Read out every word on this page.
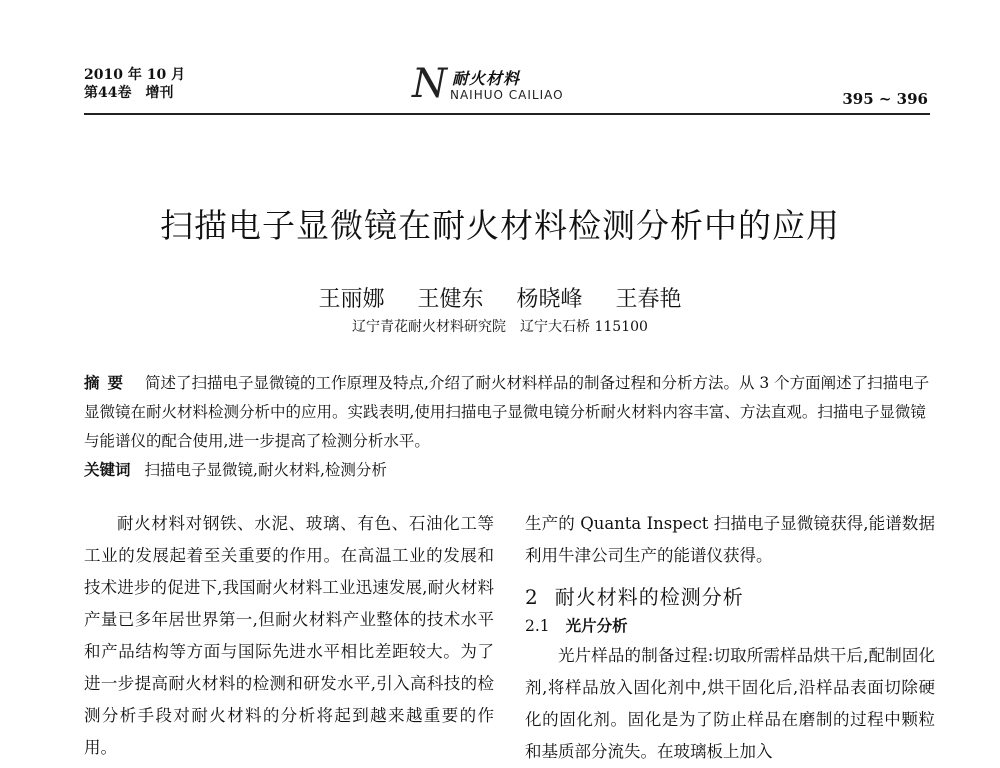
2010 年 10 月
第44卷　增刊	N 耐火材料
NAIHUO CAILIAO	395 ~ 396
扫描电子显微镜在耐火材料检测分析中的应用
王丽娜 王健东 杨晓峰 王春艳
辽宁青花耐火材料研究院　辽宁大石桥 115100
摘要 简述了扫描电子显微镜的工作原理及特点,介绍了耐火材料样品的制备过程和分析方法。从 3 个方面阐述了扫描电子显微镜在耐火材料检测分析中的应用。实践表明,使用扫描电子显微电镜分析耐火材料内容丰富、方法直观。扫描电子显微镜与能谱仪的配合使用,进一步提高了检测分析水平。
关键词 扫描电子显微镜,耐火材料,检测分析

耐火材料对钢铁、水泥、玻璃、有色、石油化工等工业的发展起着至关重要的作用。在高温工业的发展和技术进步的促进下,我国耐火材料工业迅速发展,耐火材料产量已多年居世界第一,但耐火材料产业整体的技术水平和产品结构等方面与国际先进水平相比差距较大。为了进一步提高耐火材料的检测和研发水平,引入高科技的检测分析手段对耐火材料的分析将起到越来越重要的作用。

生产的 Quanta Inspect 扫描电子显微镜获得,能谱数据利用牛津公司生产的能谱仪获得。

2 耐火材料的检测分析
2.1 光片分析

光片样品的制备过程:切取所需样品烘干后,配制固化剂,将样品放入固化剂中,烘干固化后,沿样品表面切除硬化的固化剂。固化是为了防止样品在磨制的过程中颗粒和基质部分流失。在玻璃板上加入
